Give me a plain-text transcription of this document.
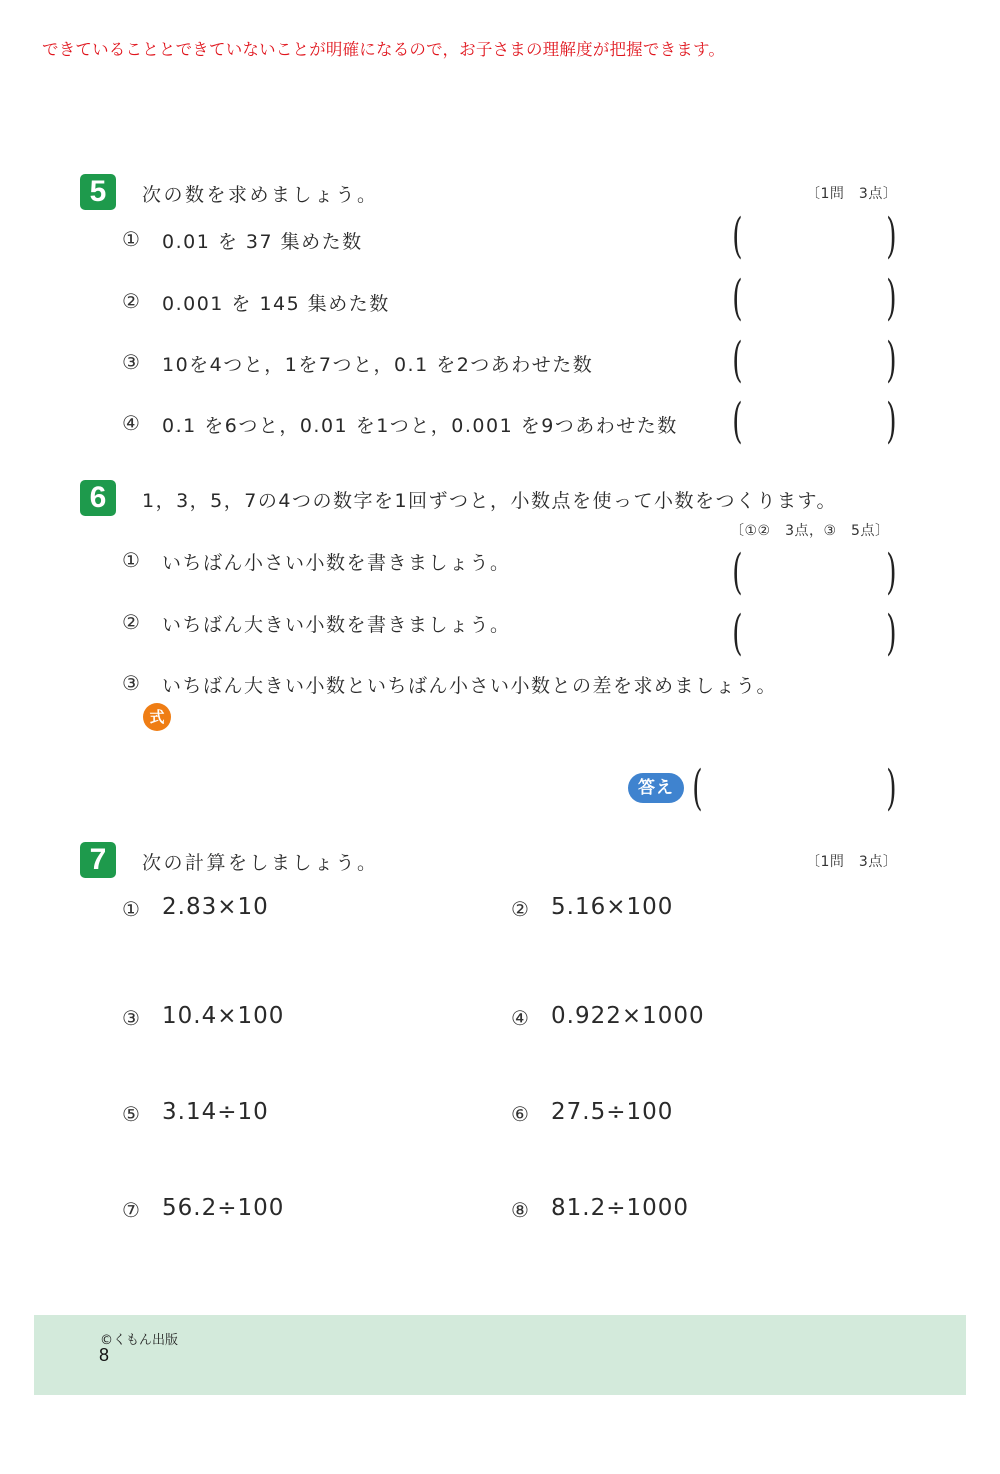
できていることとできていないことが明確になるので，お子さまの理解度が把握できます。
5	次の数を求めましょう。	〔1問　3点〕
① 0.01 を 37 集めた数	(	)
② 0.001 を 145 集めた数	(	)
③ 10を4つと，1を7つと，0.1 を2つあわせた数	(	)
④ 0.1 を6つと，0.01 を1つと，0.001 を9つあわせた数 (	)
6	1，3，5，7の4つの数字を1回ずつと，小数点を使って小数をつくります。
〔①②　3点，③　5点〕
① いちばん小さい小数を書きましょう。	(	)
② いちばん大きい小数を書きましょう。	(	)
③ いちばん大きい小数といちばん小さい小数との差を求めましょう。
式
答え (	)
7	次の計算をしましょう。	〔1問　3点〕
① 2.83×10	② 5.16×100
③ 10.4×100	④ 0.922×1000
⑤ 3.14÷10	⑥ 27.5÷100
⑦ 56.2÷100	⑧ 81.2÷1000
©くもん出版
8
